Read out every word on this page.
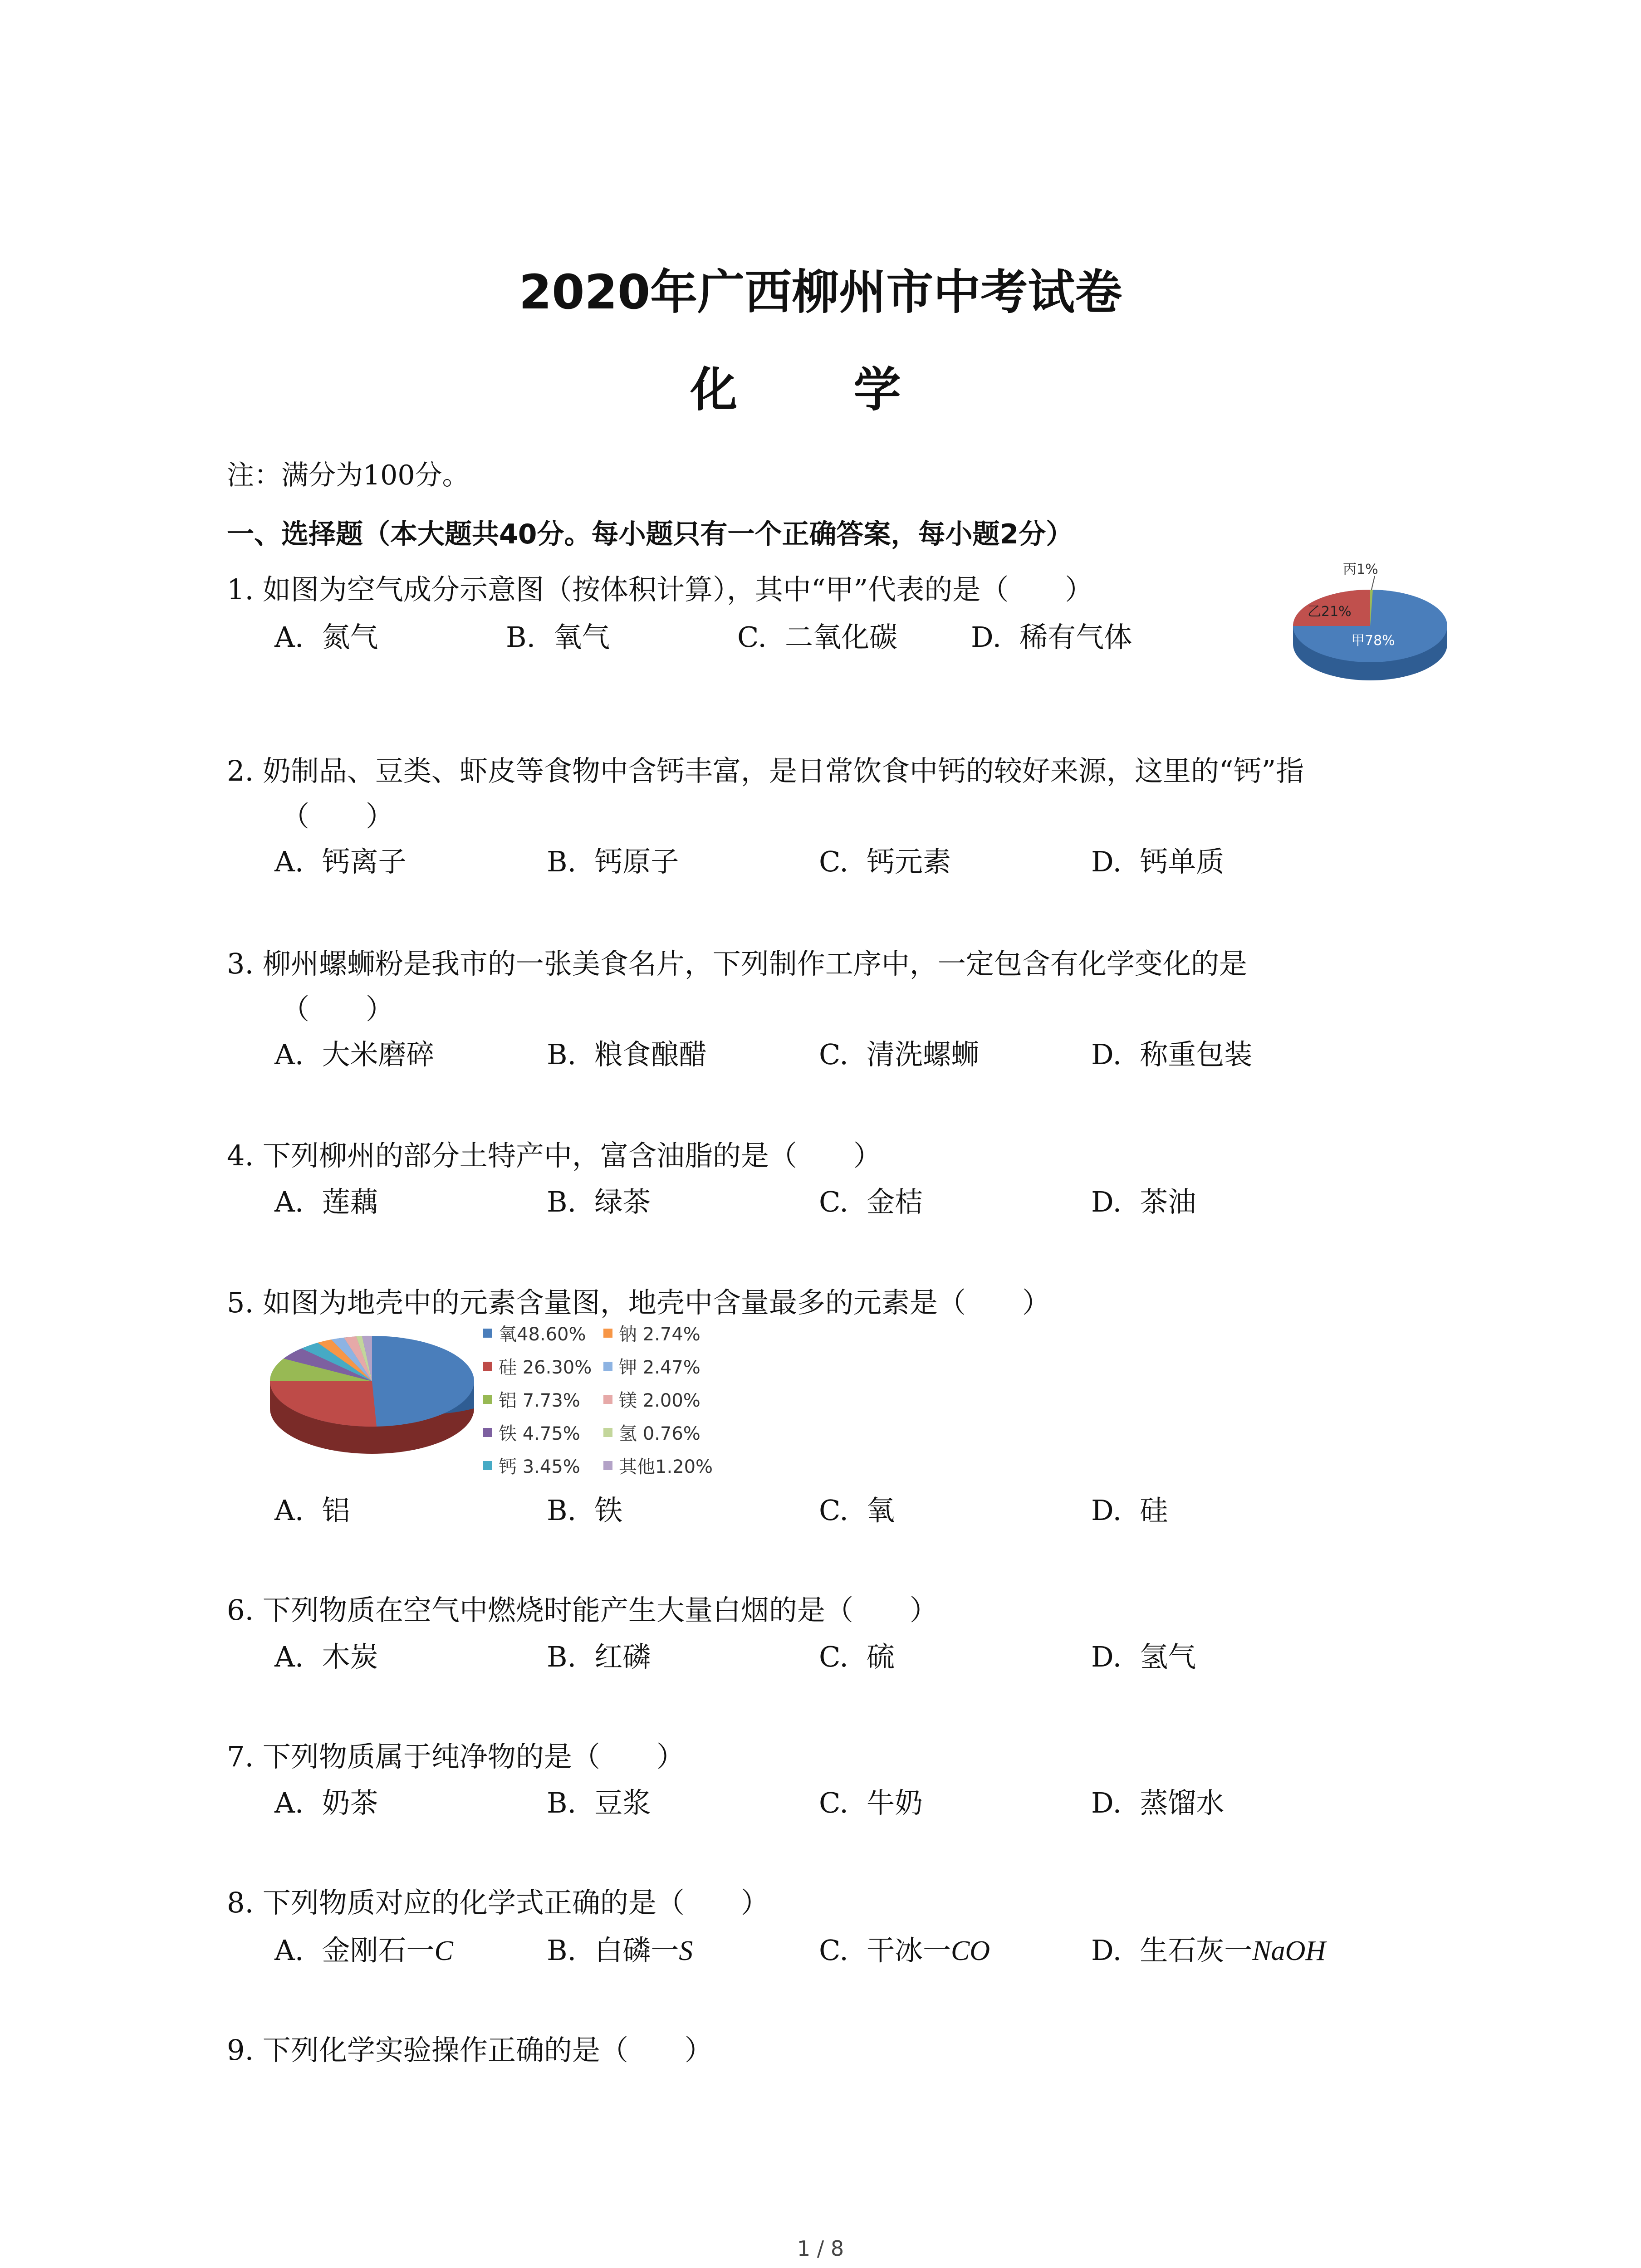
2020年广西柳州市中考试卷
化 学
注：满分为100分。
一、选择题（本大题共40分。每小题只有一个正确答案，每小题2分）
1. 如图为空气成分示意图（按体积计算），其中“甲”代表的是（　　）
A. 氮气	B. 氧气	C. 二氧化碳	D. 稀有气体
丙1%
乙21%
甲78%
2. 奶制品、豆类、虾皮等食物中含钙丰富，是日常饮食中钙的较好来源，这里的“钙”指
（　　）
A. 钙离子	B. 钙原子	C. 钙元素	D. 钙单质
3. 柳州螺蛳粉是我市的一张美食名片，下列制作工序中，一定包含有化学变化的是
（　　）
A. 大米磨碎	B. 粮食酿醋	C. 清洗螺蛳	D. 称重包装
4. 下列柳州的部分土特产中，富含油脂的是（　　）
A. 莲藕	B. 绿茶	C. 金桔	D. 茶油
5. 如图为地壳中的元素含量图，地壳中含量最多的元素是（　　）
氧48.60%
硅 26.30%
铝 7.73%
铁 4.75%
钙 3.45%
钠 2.74%
钾 2.47%
镁 2.00%
氢 0.76%
其他1.20%
A. 铝	B. 铁	C. 氧	D. 硅
6. 下列物质在空气中燃烧时能产生大量白烟的是（　　）
A. 木炭	B. 红磷	C. 硫	D. 氢气
7. 下列物质属于纯净物的是（　　）
A. 奶茶	B. 豆浆	C. 牛奶	D. 蒸馏水
8. 下列物质对应的化学式正确的是（　　）
A. 金刚石一C	B. 白磷一S	C. 干冰一CO	D. 生石灰一NaOH
9. 下列化学实验操作正确的是（　　）
1 / 8
